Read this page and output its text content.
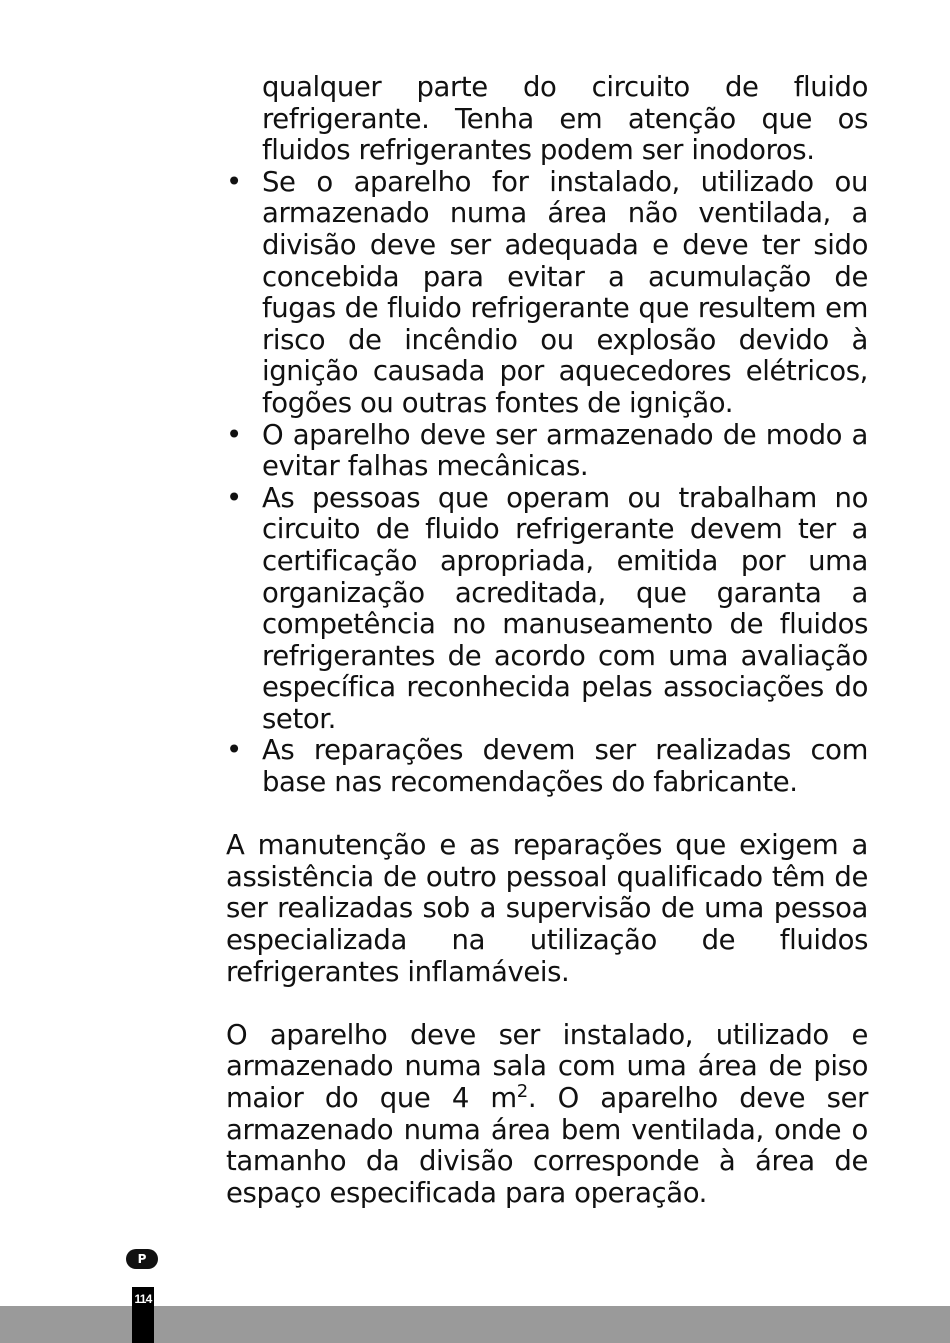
qualquer parte do circuito de fluido refrigerante. Tenha em atenção que os fluidos refrigerantes podem ser inodoros.
• Se o aparelho for instalado, utilizado ou armazenado numa área não ventilada, a divisão deve ser adequada e deve ter sido concebida para evitar a acumulação de fugas de fluido refrigerante que resultem em risco de incêndio ou explosão devido à ignição causada por aquecedores elétricos, fogões ou outras fontes de ignição.
• O aparelho deve ser armazenado de modo a evitar falhas mecânicas.
• As pessoas que operam ou trabalham no circuito de fluido refrigerante devem ter a certificação apropriada, emitida por uma organização acreditada, que garanta a competência no manuseamento de fluidos refrigerantes de acordo com uma avaliação específica reconhecida pelas associações do setor.
• As reparações devem ser realizadas com base nas recomendações do fabricante.

A manutenção e as reparações que exigem a assistência de outro pessoal qualificado têm de ser realizadas sob a supervisão de uma pessoa especializada na utilização de fluidos refrigerantes inflamáveis.

O aparelho deve ser instalado, utilizado e armazenado numa sala com uma área de piso maior do que 4 $m^2$. O aparelho deve ser armazenado numa área bem ventilada, onde o tamanho da divisão corresponde à área de espaço especificada para operação.

P
114
